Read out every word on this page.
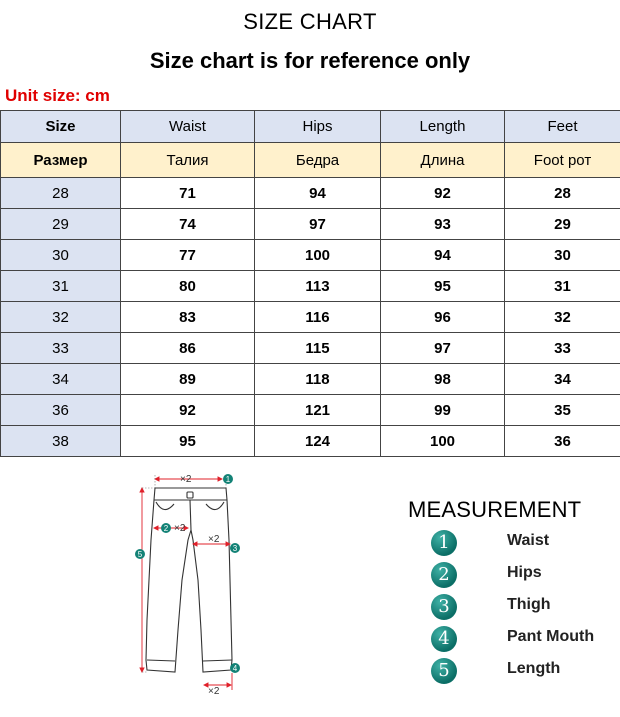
SIZE CHART
Size chart is for reference only
Unit size: cm
Size	Waist	Hips	Length	Feet
Размер	Талия	Бедра	Длина	Foot рот
28	71	94	92	28
29	74	97	93	29
30	77	100	94	30
31	80	113	95	31
32	83	116	96	32
33	86	115	97	33
34	89	118	98	34
36	92	121	99	35
38	95	124	100	36
×2
×2
×2
×2
1
2
3
4
5
MEASUREMENT
1	Waist
2	Hips
3	Thigh
4	Pant Mouth
5	Length
